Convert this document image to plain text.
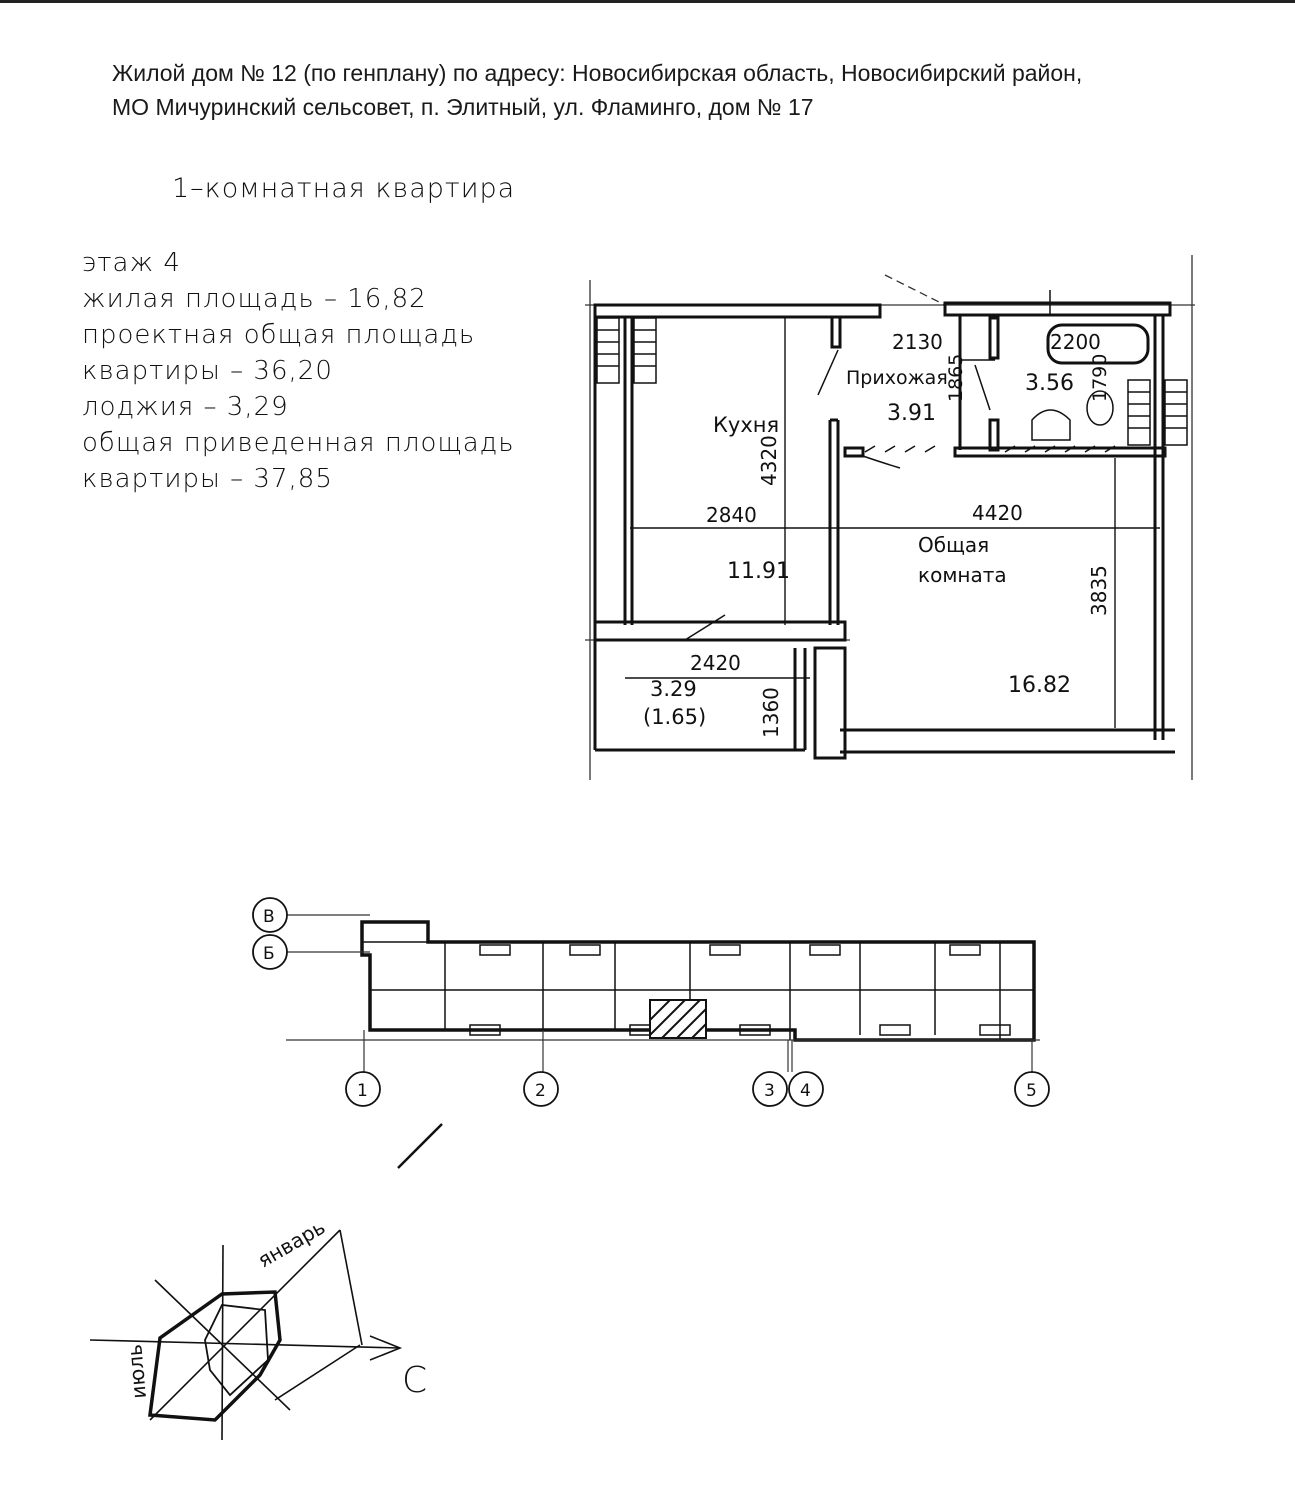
Жилой дом № 12 (по генплану) по адресу: Новосибирская область, Новосибирский район,
МО Мичуринский сельсовет, п. Элитный, ул. Фламинго, дом № 17
1–комнатная квартира
этаж 4
жилая площадь – 16,82
проектная общая площадь
квартиры – 36,20
лоджия – 3,29
общая приведенная площадь
квартиры – 37,85
Кухня
11.91
Прихожая
3.91
3.56
Общая
комната
16.82
3.29
(1.65)
2130	2200
2840	4420
2420
4320
1865	1790
3835
1360
В
Б
1	2	3 4	5
январь
июль	С
